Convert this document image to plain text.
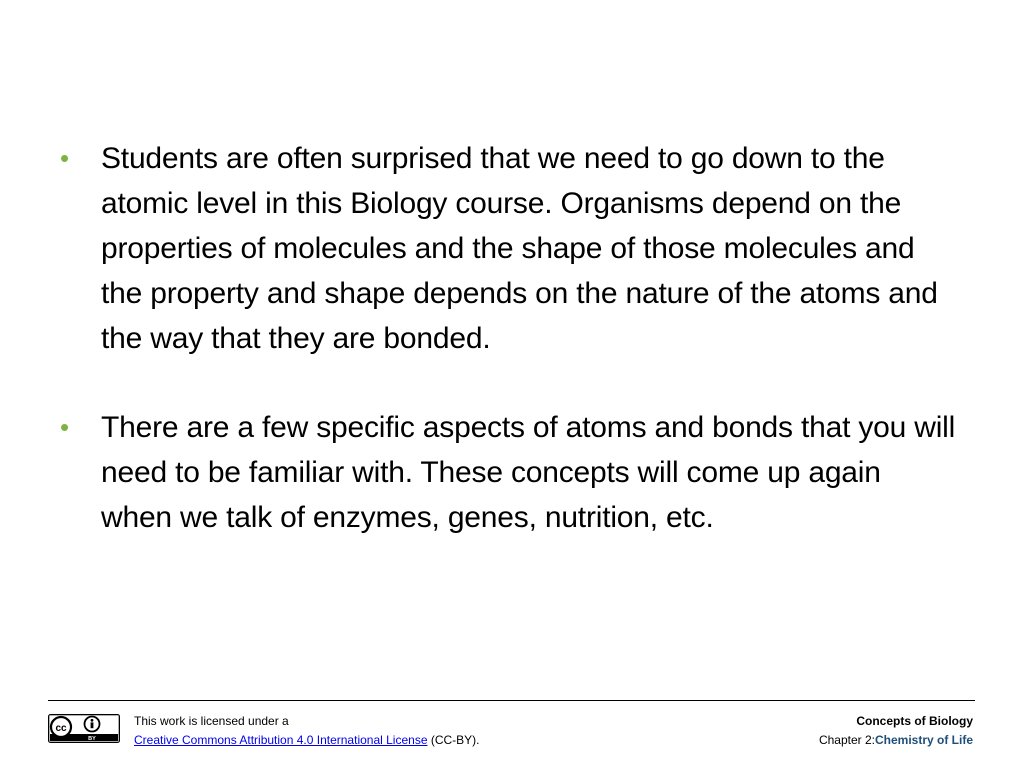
• Students are often surprised that we need to go down to the atomic level in this Biology course. Organisms depend on the properties of molecules and the shape of those molecules and the property and shape depends on the nature of the atoms and the way that they are bonded.
• There are a few specific aspects of atoms and bonds that you will need to be familiar with. These concepts will come up again when we talk of enzymes, genes, nutrition, etc.
cc
BY
This work is licensed under a
Creative Commons Attribution 4.0 International License (CC-BY).
Concepts of Biology
Chapter 2:Chemistry of Life
